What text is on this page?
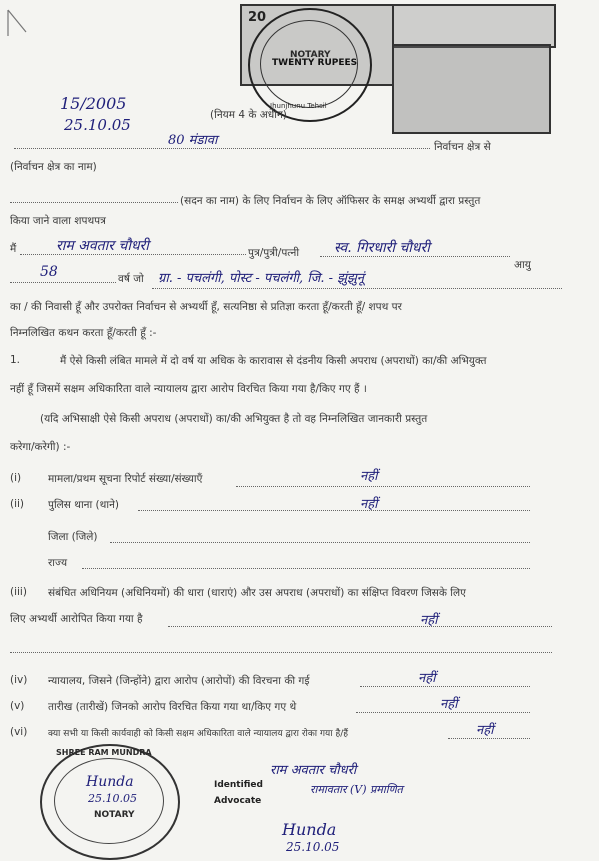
20
TWENTY RUPEES
NOTARY
Jhunjhunu Tehsil
15/2005
25.10.05
(नियम 4 के अधीन)
80 मंडावा	निर्वाचन क्षेत्र से
(निर्वाचन क्षेत्र का नाम)
(सदन का नाम) के लिए निर्वाचन के लिए ऑफिसर के समक्ष अभ्यर्थी द्वारा प्रस्तुत
किया जाने वाला शपथपत्र
मैं	राम अवतार चौधरी	पुत्र/पुत्री/पत्नी स्व. गिरधारी चौधरी
आयु
58	वर्ष जो ग्रा. - पचलंगी, पोस्ट - पचलंगी, जि. - झुंझुनूं
का / की निवासी हूँ और उपरोक्त निर्वाचन से अभ्यर्थी हूँ, सत्यनिष्ठा से प्रतिज्ञा करता हूँ/करती हूँ/ शपथ पर
निम्नलिखित कथन करता हूँ/करती हूँ :-
1.	मैं ऐसे किसी लंबित मामले में दो वर्ष या अधिक के कारावास से दंडनीय किसी अपराध (अपराधों) का/की अभियुक्त
नहीं हूँ जिसमें सक्षम अधिकारिता वाले न्यायालय द्वारा आरोप विरचित किया गया है/किए गए हैं ।
(यदि अभिसाक्षी ऐसे किसी अपराध (अपराधों) का/की अभियुक्त है तो वह निम्नलिखित जानकारी प्रस्तुत
करेगा/करेगी) :-
(i)	मामला/प्रथम सूचना रिपोर्ट संख्या/संख्याएँ	नहीं
(ii) पुलिस थाना (थाने)	नहीं
जिला (जिले)
राज्य
(iii) संबंधित अधिनियम (अधिनियमों) की धारा (धाराएं) और उस अपराध (अपराधों) का संक्षिप्त विवरण जिसके लिए
लिए अभ्यर्थी आरोपित किया गया है	नहीं
(iv) न्यायालय, जिसने (जिन्होंने) द्वारा आरोप (आरोपों) की विरचना की गई	नहीं
(v) तारीख (तारीखें) जिनको आरोप विरचित किया गया था/किए गए थे	नहीं
(vi) क्या सभी या किसी कार्यवाही को किसी सक्षम अधिकारिता वाले न्यायालय द्वारा रोका गया है/हैं	नहीं
SHREE RAM MUNDRA
Hunda
25.10.05
NOTARY
राम अवतार चौधरी
Identified
Advocate
रामावतार (V) प्रमाणित
Hunda
25.10.05
